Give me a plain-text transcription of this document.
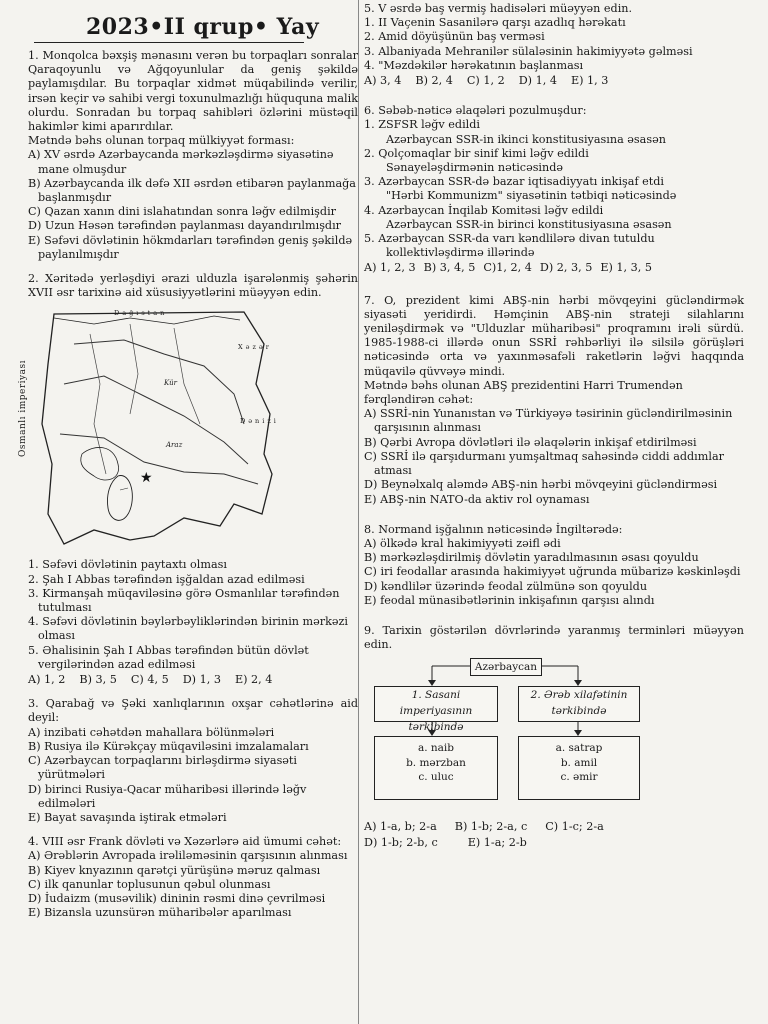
2023•II qrup• Yay

1. Monqolca bəxşiş mənasını verən bu torpaqları sonralar Qaraqoyunlu və Ağqoyunlular da geniş şəkildə paylamışdılar. Bu torpaqlar xidmət müqabilində verilir, irsən keçir və sahibi vergi toxunulmazlığı hüququna malik olurdu. Sonradan bu torpaq sahibləri özlərini müstəqil hakimlər kimi aparırdılar.

Mətndə bəhs olunan torpaq mülkiyyət forması:

A) XV əsrdə Azərbaycanda mərkəzləşdirmə siyasətinə mane olmuşdur

B) Azərbaycanda ilk dəfə XII əsrdən etibarən paylanmağa başlanmışdır

C) Qazan xanın dini islahatından sonra ləğv edilmişdir

D) Uzun Həsən tərəfindən paylanması dayandırılmışdır

E) Səfəvi dövlətinin hökmdarları tərəfindən geniş şəkildə paylanılmışdır

2. Xəritədə yerləşdiyi ərazi ulduzla işarələnmiş şəhərin XVII əsr tarixinə aid xüsusiyyətlərini müəyyən edin.

★
Dağıstan
Xəzər
Dənizi
Osmanlı imperiyası	Kür
Araz

1. Səfəvi dövlətinin paytaxtı olması

2. Şah I Abbas tərəfindən işğaldan azad edilməsi

3. Kirmanşah müqaviləsinə görə Osmanlılar tərəfindən tutulması

4. Səfəvi dövlətinin bəylərbəyliklərindən birinin mərkəzi olması

5. Əhalisinin Şah I Abbas tərəfindən bütün dövlət vergilərindən azad edilməsi

A) 1, 2 B) 3, 5 C) 4, 5 D) 1, 3 E) 2, 4

3. Qarabağ və Şəki xanlıqlarının oxşar cəhətlərinə aid deyil:

A) inzibati cəhətdən mahallara bölünmələri

B) Rusiya ilə Kürəkçay müqaviləsini imzalamaları

C) Azərbaycan torpaqlarını birləşdirmə siyasəti yürütmələri

D) birinci Rusiya-Qacar müharibəsi illərində ləğv edilmələri

E) Bayat savaşında iştirak etmələri

4. VIII əsr Frank dövləti və Xəzərlərə aid ümumi cəhət:

A) Ərəblərin Avropada irəliləməsinin qarşısının alınması

B) Kiyev knyazının qarətçi yürüşünə məruz qalması

C) ilk qanunlar toplusunun qəbul olunması

D) İudaizm (musəvilik) dininin rəsmi dinə çevrilməsi

E) Bizansla uzunsürən müharibələr aparılması

5. V əsrdə baş vermiş hadisələri müəyyən edin.

1. II Vaçenin Sasanilərə qarşı azadlıq hərəkatı

2. Amid döyüşünün baş verməsi

3. Albaniyada Mehranilər sülaləsinin hakimiyyətə gəlməsi

4. "Məzdəkilər hərəkatının başlanması

A) 3, 4 B) 2, 4 C) 1, 2 D) 1, 4 E) 1, 3

6. Səbəb-nəticə əlaqələri pozulmuşdur:

1. ZSFSR ləğv edildi

Azərbaycan SSR-in ikinci konstitusiyasına əsasən

2. Qolçomaqlar bir sinif kimi ləğv edildi

Sənayeləşdirmənin nəticəsində

3. Azərbaycan SSR-də bazar iqtisadiyyatı inkişaf etdi

"Hərbi Kommunizm" siyasətinin tətbiqi nəticəsində

4. Azərbaycan İnqilab Komitəsi ləğv edildi

Azərbaycan SSR-in birinci konstitusiyasına əsasən

5. Azərbaycan SSR-da varı kəndlilərə divan tutuldu

kollektivləşdirmə illərində

A) 1, 2, 3 B) 3, 4, 5 C)1, 2, 4 D) 2, 3, 5 E) 1, 3, 5

7. O, prezident kimi ABŞ-nin hərbi mövqeyini gücləndirmək siyasəti yeridirdi. Həmçinin ABŞ-nin strateji silahlarını yeniləşdirmək və "Ulduzlar müharibəsi" proqramını irəli sürdü. 1985-1988-ci illərdə onun SSRİ rəhbərliyi ilə silsilə görüşləri nəticəsində orta və yaxınməsafəli raketlərin ləğvi haqqında müqavilə qüvvəyə mindi.

Mətndə bəhs olunan ABŞ prezidentini Harri Trumendən fərqləndirən cəhət:

A) SSRİ-nin Yunanıstan və Türkiyəyə təsirinin gücləndirilməsinin qarşısının alınması

B) Qərbi Avropa dövlətləri ilə əlaqələrin inkişaf etdirilməsi

C) SSRİ ilə qarşıdurmanı yumşaltmaq sahəsində ciddi addımlar atması

D) Beynəlxalq aləmdə ABŞ-nin hərbi mövqeyini gücləndirməsi

E) ABŞ-nin NATO-da aktiv rol oynaması

8. Normand işğalının nəticəsində İngiltərədə:

A) ölkədə kral hakimiyyəti zəifl ədi

B) mərkəzləşdirilmiş dövlətin yaradılmasının əsası qoyuldu

C) iri feodallar arasında hakimiyyət uğrunda mübarizə kəskinləşdi

D) kəndlilər üzərində feodal zülmünə son qoyuldu

E) feodal münasibətlərinin inkişafının qarşısı alındı

9. Tarixin göstərilən dövrlərində yaranmış terminləri müəyyən edin.

Azərbaycan
1. Sasani imperiyasının tərkibində
2. Ərəb xilafətinin tərkibində
a. naib
b. mərzban
c. uluc
a. satrap
b. amil
c. əmir
A) 1-a, b; 2-a B) 1-b; 2-a, c C) 1-c; 2-a
D) 1-b; 2-b, c	E) 1-a; 2-b
